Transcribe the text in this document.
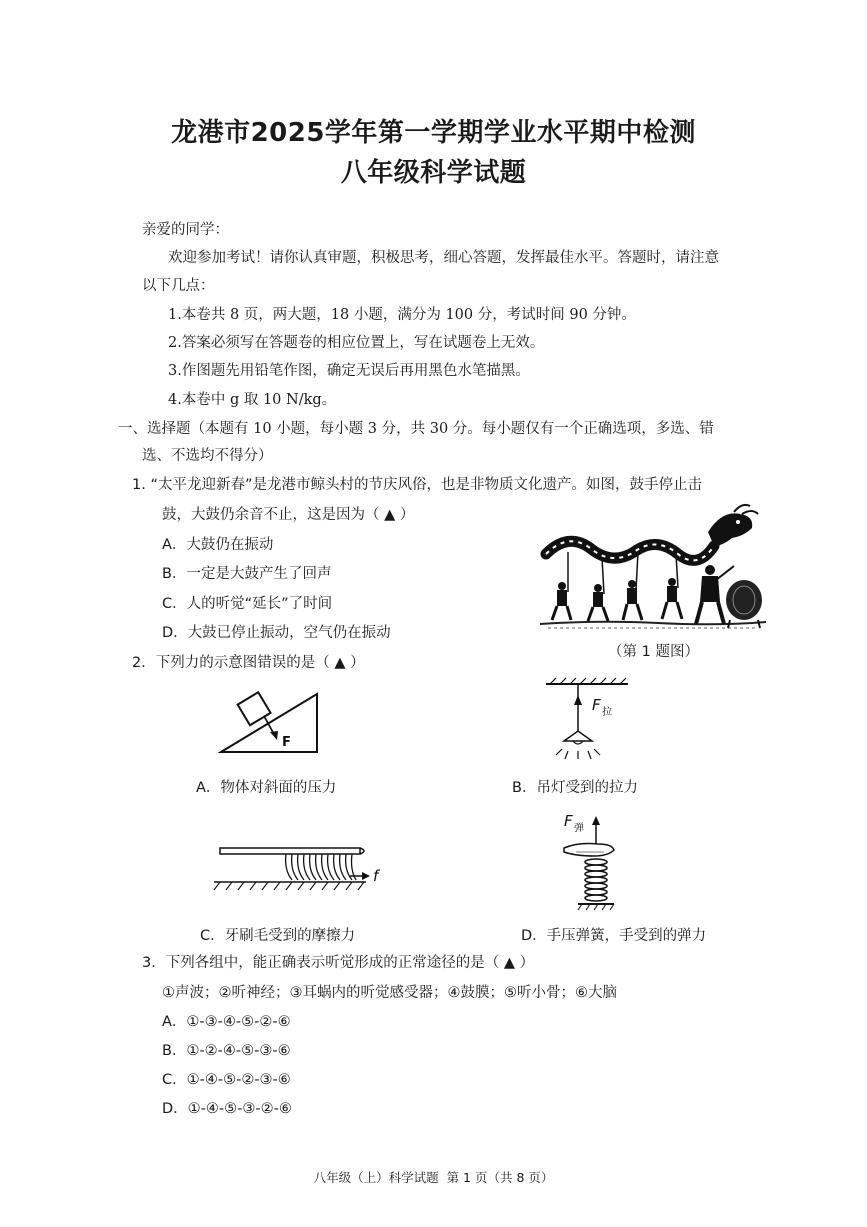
龙港市2025学年第一学期学业水平期中检测
八年级科学试题
亲爱的同学：
欢迎参加考试！请你认真审题，积极思考，细心答题，发挥最佳水平。答题时，请注意
以下几点：
1.本卷共 8 页，两大题，18 小题，满分为 100 分，考试时间 90 分钟。
2.答案必须写在答题卷的相应位置上，写在试题卷上无效。
3.作图题先用铅笔作图，确定无误后再用黑色水笔描黑。
4.本卷中 g 取 10 N/kg。
一、选择题（本题有 10 小题，每小题 3 分，共 30 分。每小题仅有一个正确选项，多选、错
选、不选均不得分）
1. “太平龙迎新春”是龙港市鲸头村的节庆风俗，也是非物质文化遗产。如图，鼓手停止击
鼓，大鼓仍余音不止，这是因为（ ▲ ）
A．大鼓仍在振动
B．一定是大鼓产生了回声
C．人的听觉“延长”了时间
D．大鼓已停止振动，空气仍在振动
（第 1 题图）
2．下列力的示意图错误的是（ ▲ ）
F
A．物体对斜面的压力
F 拉
B．吊灯受到的拉力
f
C．牙刷毛受到的摩擦力
F 弹
D．手压弹簧，手受到的弹力
3．下列各组中，能正确表示听觉形成的正常途径的是（ ▲ ）
①声波；②听神经；③耳蜗内的听觉感受器；④鼓膜；⑤听小骨；⑥大脑
A．①-③-④-⑤-②-⑥
B．①-②-④-⑤-③-⑥
C．①-④-⑤-②-③-⑥
D．①-④-⑤-③-②-⑥
八年级（上）科学试题  第 1 页（共 8 页）
